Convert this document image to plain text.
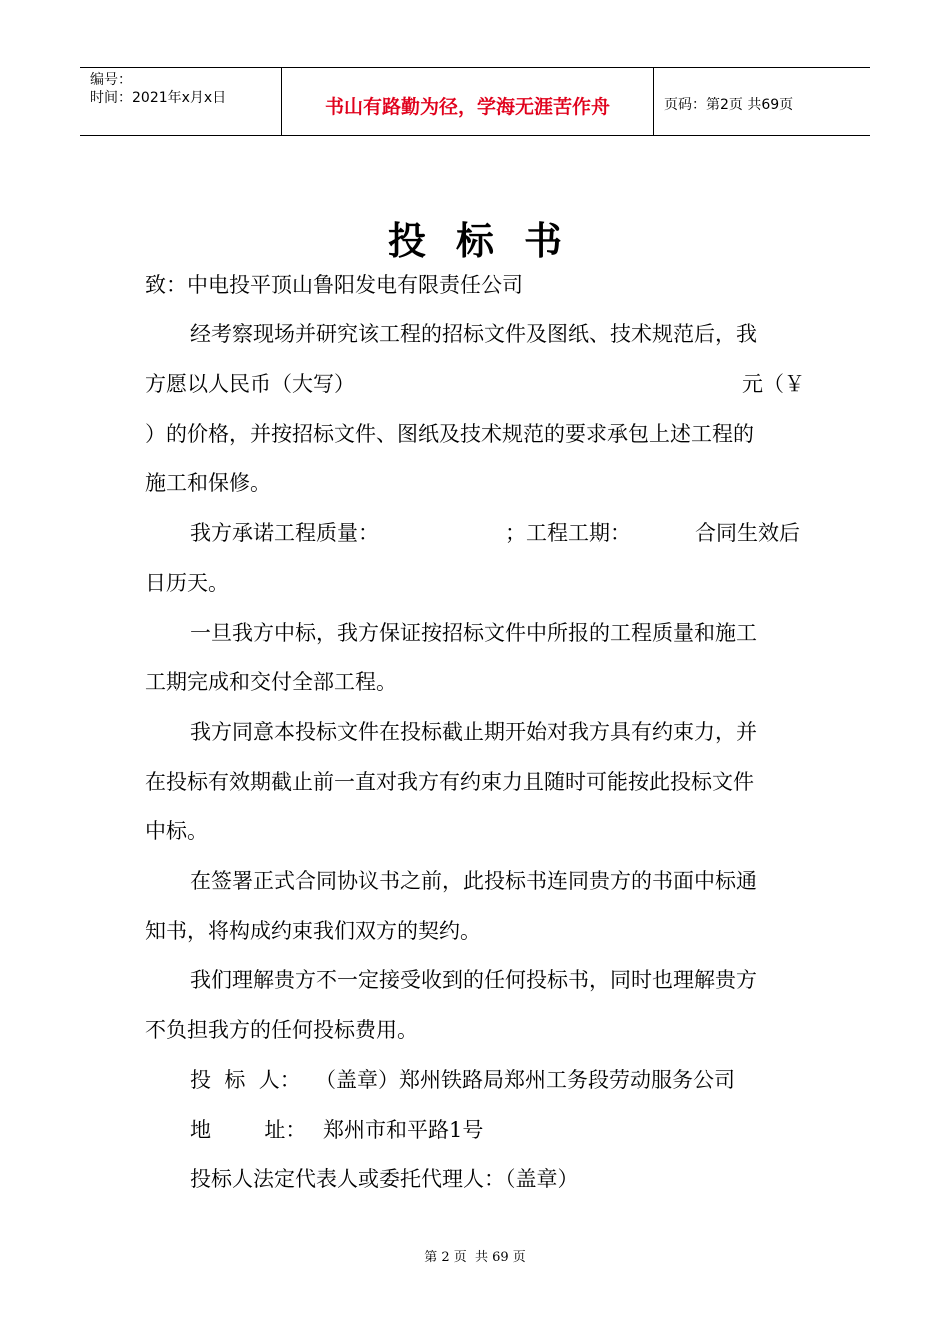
编号：
时间：2021年x月x日	书山有路勤为径，学海无涯苦作舟	页码：第2页 共69页
投标书
致：中电投平顶山鲁阳发电有限责任公司
经考察现场并研究该工程的招标文件及图纸、技术规范后，我
方愿以人民币（大写）	元（￥
）的价格，并按招标文件、图纸及技术规范的要求承包上述工程的
施工和保修。
我方承诺工程质量：	；工程工期：	合同生效后
日历天。
一旦我方中标，我方保证按招标文件中所报的工程质量和施工
工期完成和交付全部工程。
我方同意本投标文件在投标截止期开始对我方具有约束力，并
在投标有效期截止前一直对我方有约束力且随时可能按此投标文件
中标。
在签署正式合同协议书之前，此投标书连同贵方的书面中标通
知书，将构成约束我们双方的契约。
我们理解贵方不一定接受收到的任何投标书，同时也理解贵方
不负担我方的任何投标费用。
投  标  人： （盖章）郑州铁路局郑州工务段劳动服务公司
地        址： 郑州市和平路1号
投标人法定代表人或委托代理人：（盖章）
第 2 页  共 69 页
